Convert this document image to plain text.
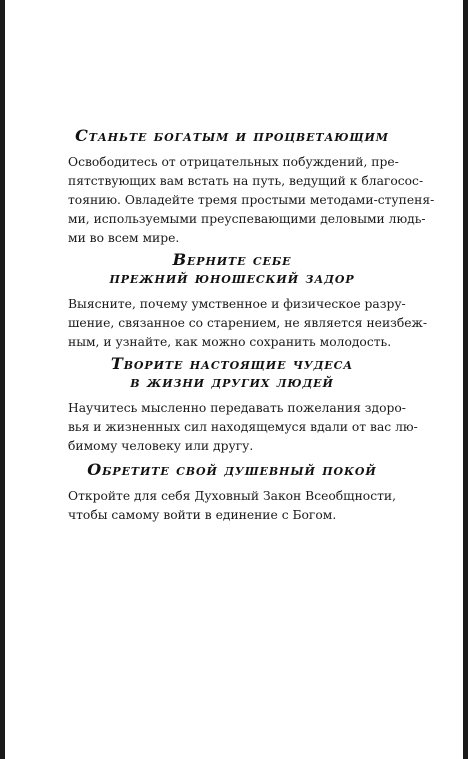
Станьте богатым и процветающим
Освободитесь от отрицательных побуждений, пре-
пятствующих вам встать на путь, ведущий к благосос-
тоянию. Овладейте тремя простыми методами-ступеня-
ми, используемыми преуспевающими деловыми людь-
ми во всем мире.
Верните себе
прежний юношеский задор
Выясните, почему умственное и физическое разру-
шение, связанное со старением, не является неизбеж-
ным, и узнайте, как можно сохранить молодость.
Творите настоящие чудеса
в жизни других людей
Научитесь мысленно передавать пожелания здоро-
вья и жизненных сил находящемуся вдали от вас лю-
бимому человеку или другу.
Обретите свой душевный покой
Откройте для себя Духовный Закон Всеобщности,
чтобы самому войти в единение с Богом.
